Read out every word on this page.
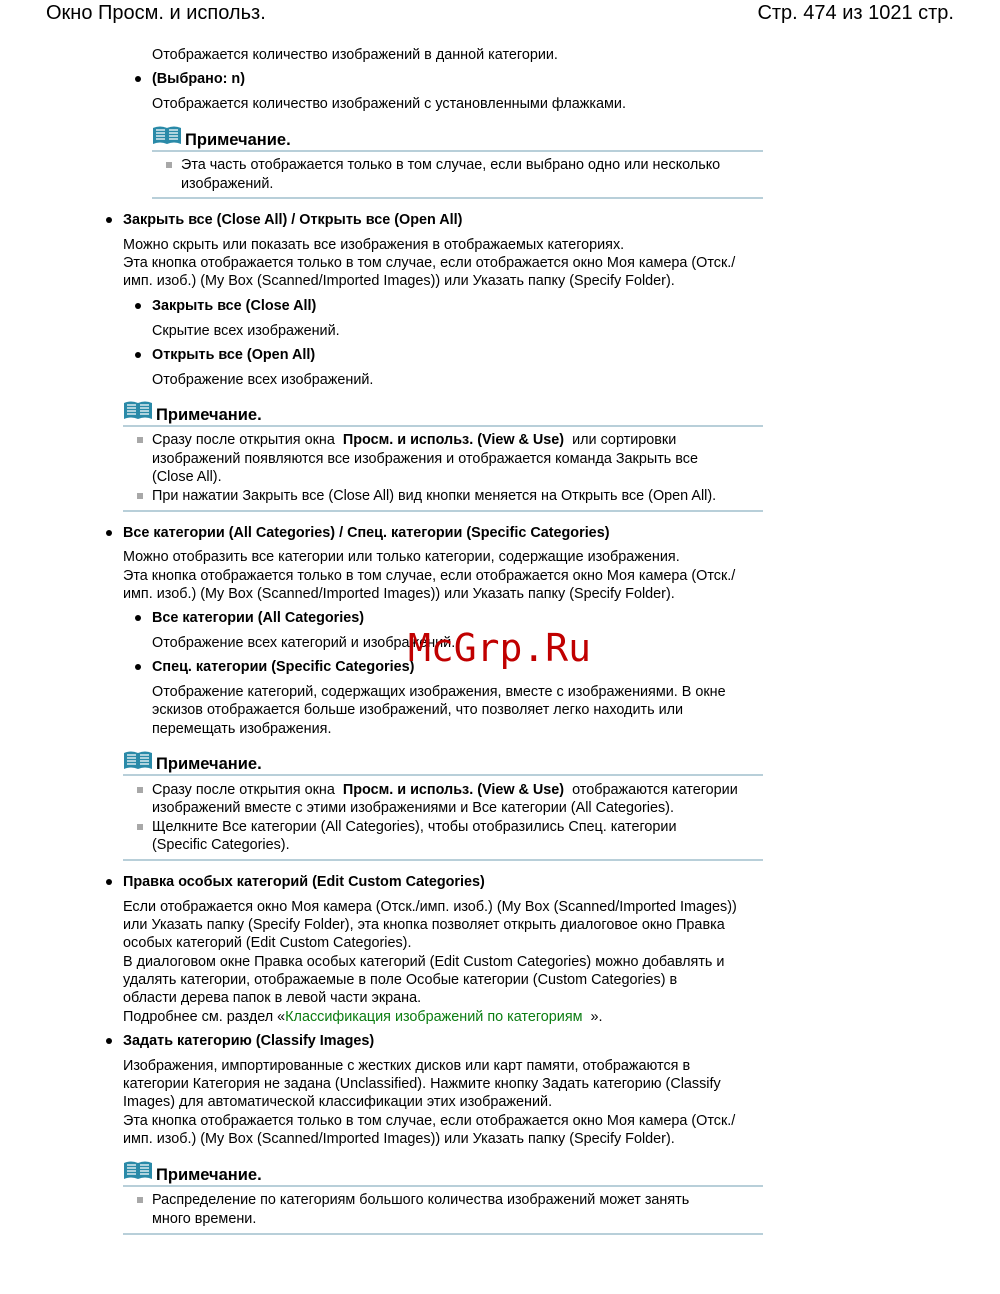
Окно Просм. и использ.	Стр. 474 из 1021 стр.
Отображается количество изображений в данной категории.
(Выбрано: n)
Отображается количество изображений с установленными флажками.
Примечание.
Эта часть отображается только в том случае, если выбрано одно или несколько
изображений.
Закрыть все (Close All) / Открыть все (Open All)
Можно скрыть или показать все изображения в отображаемых категориях.
Эта кнопка отображается только в том случае, если отображается окно Моя камера (Отск./
имп. изоб.) (My Box (Scanned/Imported Images)) или Указать папку (Specify Folder).
Закрыть все (Close All)
Скрытие всех изображений.
Открыть все (Open All)
Отображение всех изображений.
Примечание.
Сразу после открытия окна Просм. и использ. (View & Use) или сортировки
изображений появляются все изображения и отображается команда Закрыть все
(Close All).
При нажатии Закрыть все (Close All) вид кнопки меняется на Открыть все (Open All).
Все категории (All Categories) / Спец. категории (Specific Categories)
Можно отобразить все категории или только категории, содержащие изображения.
Эта кнопка отображается только в том случае, если отображается окно Моя камера (Отск./
имп. изоб.) (My Box (Scanned/Imported Images)) или Указать папку (Specify Folder).
Все категории (All Categories)
Отображение всех категорий и изображений.
Спец. категории (Specific Categories)
Отображение категорий, содержащих изображения, вместе с изображениями. В окне
эскизов отображается больше изображений, что позволяет легко находить или
перемещать изображения.
Примечание.
Сразу после открытия окна Просм. и использ. (View & Use) отображаются категории
изображений вместе с этими изображениями и Все категории (All Categories).
Щелкните Все категории (All Categories), чтобы отобразились Спец. категории
(Specific Categories).
Правка особых категорий (Edit Custom Categories)
Если отображается окно Моя камера (Отск./имп. изоб.) (My Box (Scanned/Imported Images))
или Указать папку (Specify Folder), эта кнопка позволяет открыть диалоговое окно Правка
особых категорий (Edit Custom Categories).
В диалоговом окне Правка особых категорий (Edit Custom Categories) можно добавлять и
удалять категории, отображаемые в поле Особые категории (Custom Categories) в
области дерева папок в левой части экрана.
Подробнее см. раздел «Классификация изображений по категориям ».
Задать категорию (Classify Images)
Изображения, импортированные с жестких дисков или карт памяти, отображаются в
категории Категория не задана (Unclassified). Нажмите кнопку Задать категорию (Classify
Images) для автоматической классификации этих изображений.
Эта кнопка отображается только в том случае, если отображается окно Моя камера (Отск./
имп. изоб.) (My Box (Scanned/Imported Images)) или Указать папку (Specify Folder).
Примечание.
Распределение по категориям большого количества изображений может занять
много времени.
McGrp.Ru
